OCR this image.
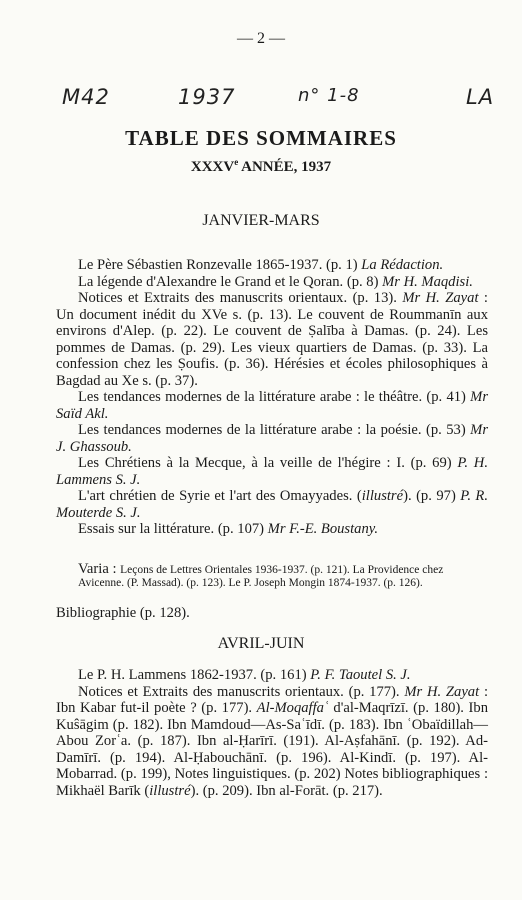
— 2 —
M42	1937	n° 1-8	LA
TABLE DES SOMMAIRES
XXXVe ANNÉE, 1937
JANVIER-MARS

Le Père Sébastien Ronzevalle 1865-1937. (p. 1) La Rédaction.

La légende d'Alexandre le Grand et le Qoran. (p. 8) Mr H. Maqdisi.

Notices et Extraits des manuscrits orientaux. (p. 13). Mr H. Zayat : Un document inédit du XVe s. (p. 13). Le couvent de Roummanīn aux environs d'Alep. (p. 22). Le couvent de Ṣalība à Damas. (p. 24). Les pommes de Damas. (p. 29). Les vieux quartiers de Damas. (p. 33). La confession chez les Ṣoufis. (p. 36). Hérésies et écoles philosophiques à Bagdad au Xe s. (p. 37).

Les tendances modernes de la littérature arabe : le théâtre. (p. 41) Mr Saïd Akl.

Les tendances modernes de la littérature arabe : la poésie. (p. 53) Mr J. Ghassoub.

Les Chrétiens à la Mecque, à la veille de l'hégire : I. (p. 69) P. H. Lammens S. J.

L'art chrétien de Syrie et l'art des Omayyades. (illustré). (p. 97) P. R. Mouterde S. J.

Essais sur la littérature. (p. 107) Mr F.-E. Boustany.

Varia : Leçons de Lettres Orientales 1936-1937. (p. 121). La Providence chez Avicenne. (P. Massad). (p. 123). Le P. Joseph Mongin 1874-1937. (p. 126).

Bibliographie (p. 128).

AVRIL-JUIN

Le P. H. Lammens 1862-1937. (p. 161) P. F. Taoutel S. J.

Notices et Extraits des manuscrits orientaux. (p. 177). Mr H. Zayat : Ibn Kabar fut-il poète ? (p. 177). Al-Moqaffaʿ d'al-Maqrīzī. (p. 180). Ibn Kuŝāgim (p. 182). Ibn Mamdoud—As-Saʿīdī. (p. 183). Ibn ʿObaïdillah—Abou Zorʿa. (p. 187). Ibn al-Ḥarīrī. (191). Al-Aṣfahānī. (p. 192). Ad-Damīrī. (p. 194). Al-Ḥabouchānī. (p. 196). Al-Kindī. (p. 197). Al-Mobarrad. (p. 199), Notes linguistiques. (p. 202) Notes bibliographiques : Mikhaël Barīk (illustré). (p. 209). Ibn al-Forāt. (p. 217).
